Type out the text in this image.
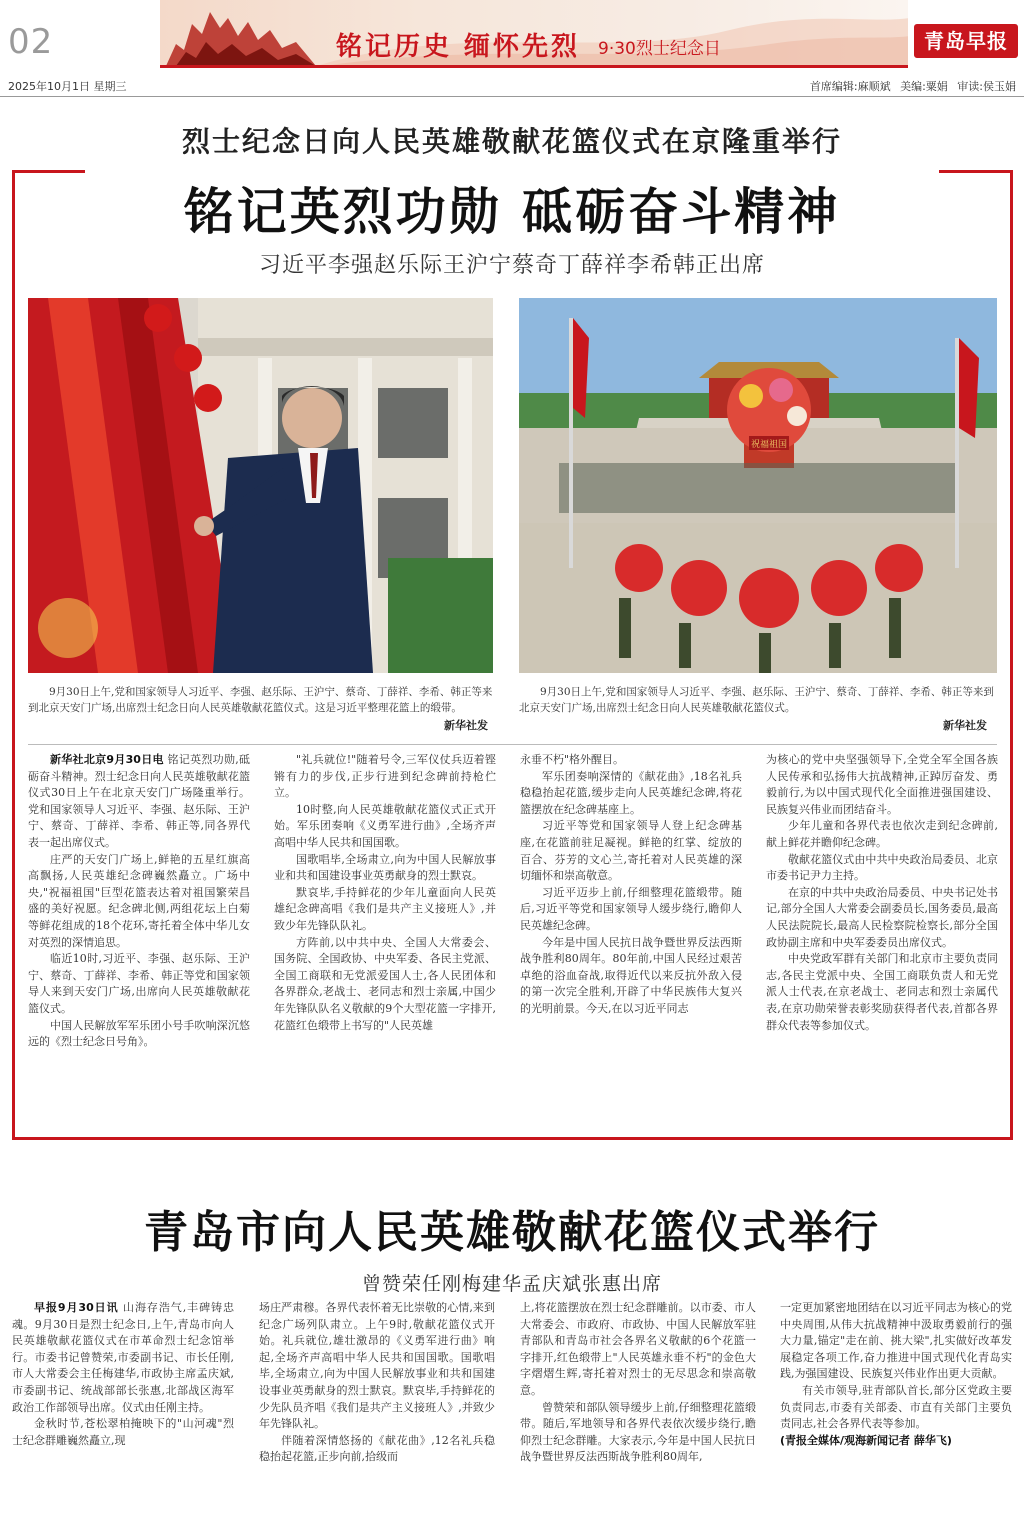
02	铭记历史 缅怀先烈 9·30烈士纪念日	青岛早报
2025年10月1日 星期三	首席编辑:麻顺斌 美编:粟娟 审读:侯玉娟
烈士纪念日向人民英雄敬献花篮仪式在京隆重举行
铭记英烈功勋 砥砺奋斗精神
习近平李强赵乐际王沪宁蔡奇丁薛祥李希韩正出席
祝福祖国
9月30日上午,党和国家领导人习近平、李强、赵乐际、王沪宁、蔡奇、丁薛祥、李希、韩正等来到北京天安门广场,出席烈士纪念日向人民英雄敬献花篮仪式。这是习近平整理花篮上的缎带。
新华社发
9月30日上午,党和国家领导人习近平、李强、赵乐际、王沪宁、蔡奇、丁薛祥、李希、韩正等来到北京天安门广场,出席烈士纪念日向人民英雄敬献花篮仪式。
新华社发

新华社北京9月30日电 铭记英烈功勋,砥砺奋斗精神。烈士纪念日向人民英雄敬献花篮仪式30日上午在北京天安门广场隆重举行。党和国家领导人习近平、李强、赵乐际、王沪宁、蔡奇、丁薛祥、李希、韩正等,同各界代表一起出席仪式。

庄严的天安门广场上,鲜艳的五星红旗高高飘扬,人民英雄纪念碑巍然矗立。广场中央,"祝福祖国"巨型花篮表达着对祖国繁荣昌盛的美好祝愿。纪念碑北侧,两组花坛上白菊等鲜花组成的18个花环,寄托着全体中华儿女对英烈的深情追思。

临近10时,习近平、李强、赵乐际、王沪宁、蔡奇、丁薛祥、李希、韩正等党和国家领导人来到天安门广场,出席向人民英雄敬献花篮仪式。

中国人民解放军军乐团小号手吹响深沉悠远的《烈士纪念日号角》。

"礼兵就位!"随着号令,三军仪仗兵迈着铿锵有力的步伐,正步行进到纪念碑前持枪伫立。

10时整,向人民英雄敬献花篮仪式正式开始。军乐团奏响《义勇军进行曲》,全场齐声高唱中华人民共和国国歌。

国歌唱毕,全场肃立,向为中国人民解放事业和共和国建设事业英勇献身的烈士默哀。

默哀毕,手持鲜花的少年儿童面向人民英雄纪念碑高唱《我们是共产主义接班人》,并致少年先锋队队礼。

方阵前,以中共中央、全国人大常委会、国务院、全国政协、中央军委、各民主党派、全国工商联和无党派爱国人士,各人民团体和各界群众,老战士、老同志和烈士亲属,中国少年先锋队队名义敬献的9个大型花篮一字排开,花篮红色缎带上书写的"人民英雄

永垂不朽"格外醒目。

军乐团奏响深情的《献花曲》,18名礼兵稳稳抬起花篮,缓步走向人民英雄纪念碑,将花篮摆放在纪念碑基座上。

习近平等党和国家领导人登上纪念碑基座,在花篮前驻足凝视。鲜艳的红掌、绽放的百合、芬芳的文心兰,寄托着对人民英雄的深切缅怀和崇高敬意。

习近平迈步上前,仔细整理花篮缎带。随后,习近平等党和国家领导人缓步绕行,瞻仰人民英雄纪念碑。

今年是中国人民抗日战争暨世界反法西斯战争胜利80周年。80年前,中国人民经过艰苦卓绝的浴血奋战,取得近代以来反抗外敌入侵的第一次完全胜利,开辟了中华民族伟大复兴的光明前景。今天,在以习近平同志

为核心的党中央坚强领导下,全党全军全国各族人民传承和弘扬伟大抗战精神,正踔厉奋发、勇毅前行,为以中国式现代化全面推进强国建设、民族复兴伟业而团结奋斗。

少年儿童和各界代表也依次走到纪念碑前,献上鲜花并瞻仰纪念碑。

敬献花篮仪式由中共中央政治局委员、北京市委书记尹力主持。

在京的中共中央政治局委员、中央书记处书记,部分全国人大常委会副委员长,国务委员,最高人民法院院长,最高人民检察院检察长,部分全国政协副主席和中央军委委员出席仪式。

中央党政军群有关部门和北京市主要负责同志,各民主党派中央、全国工商联负责人和无党派人士代表,在京老战士、老同志和烈士亲属代表,在京功勋荣誉表彰奖励获得者代表,首都各界群众代表等参加仪式。

青岛市向人民英雄敬献花篮仪式举行
曾赞荣任刚梅建华孟庆斌张惠出席

早报9月30日讯 山海存浩气,丰碑铸忠魂。9月30日是烈士纪念日,上午,青岛市向人民英雄敬献花篮仪式在市革命烈士纪念馆举行。市委书记曾赞荣,市委副书记、市长任刚,市人大常委会主任梅建华,市政协主席孟庆斌,市委副书记、统战部部长张惠,北部战区海军政治工作部领导出席。仪式由任刚主持。

金秋时节,苍松翠柏掩映下的"山河魂"烈士纪念群雕巍然矗立,现

场庄严肃穆。各界代表怀着无比崇敬的心情,来到纪念广场列队肃立。上午9时,敬献花篮仪式开始。礼兵就位,雄壮激昂的《义勇军进行曲》响起,全场齐声高唱中华人民共和国国歌。国歌唱毕,全场肃立,向为中国人民解放事业和共和国建设事业英勇献身的烈士默哀。默哀毕,手持鲜花的少先队员齐唱《我们是共产主义接班人》,并致少年先锋队礼。

伴随着深情悠扬的《献花曲》,12名礼兵稳稳抬起花篮,正步向前,拾级而

上,将花篮摆放在烈士纪念群雕前。以市委、市人大常委会、市政府、市政协、中国人民解放军驻青部队和青岛市社会各界名义敬献的6个花篮一字排开,红色缎带上"人民英雄永垂不朽"的金色大字熠熠生辉,寄托着对烈士的无尽思念和崇高敬意。

曾赞荣和部队领导缓步上前,仔细整理花篮缎带。随后,军地领导和各界代表依次缓步绕行,瞻仰烈士纪念群雕。大家表示,今年是中国人民抗日战争暨世界反法西斯战争胜利80周年,

一定更加紧密地团结在以习近平同志为核心的党中央周围,从伟大抗战精神中汲取勇毅前行的强大力量,锚定"走在前、挑大梁",扎实做好改革发展稳定各项工作,奋力推进中国式现代化青岛实践,为强国建设、民族复兴伟业作出更大贡献。

有关市领导,驻青部队首长,部分区党政主要负责同志,市委有关部委、市直有关部门主要负责同志,社会各界代表等参加。

(青报全媒体/观海新闻记者 薛华飞)
